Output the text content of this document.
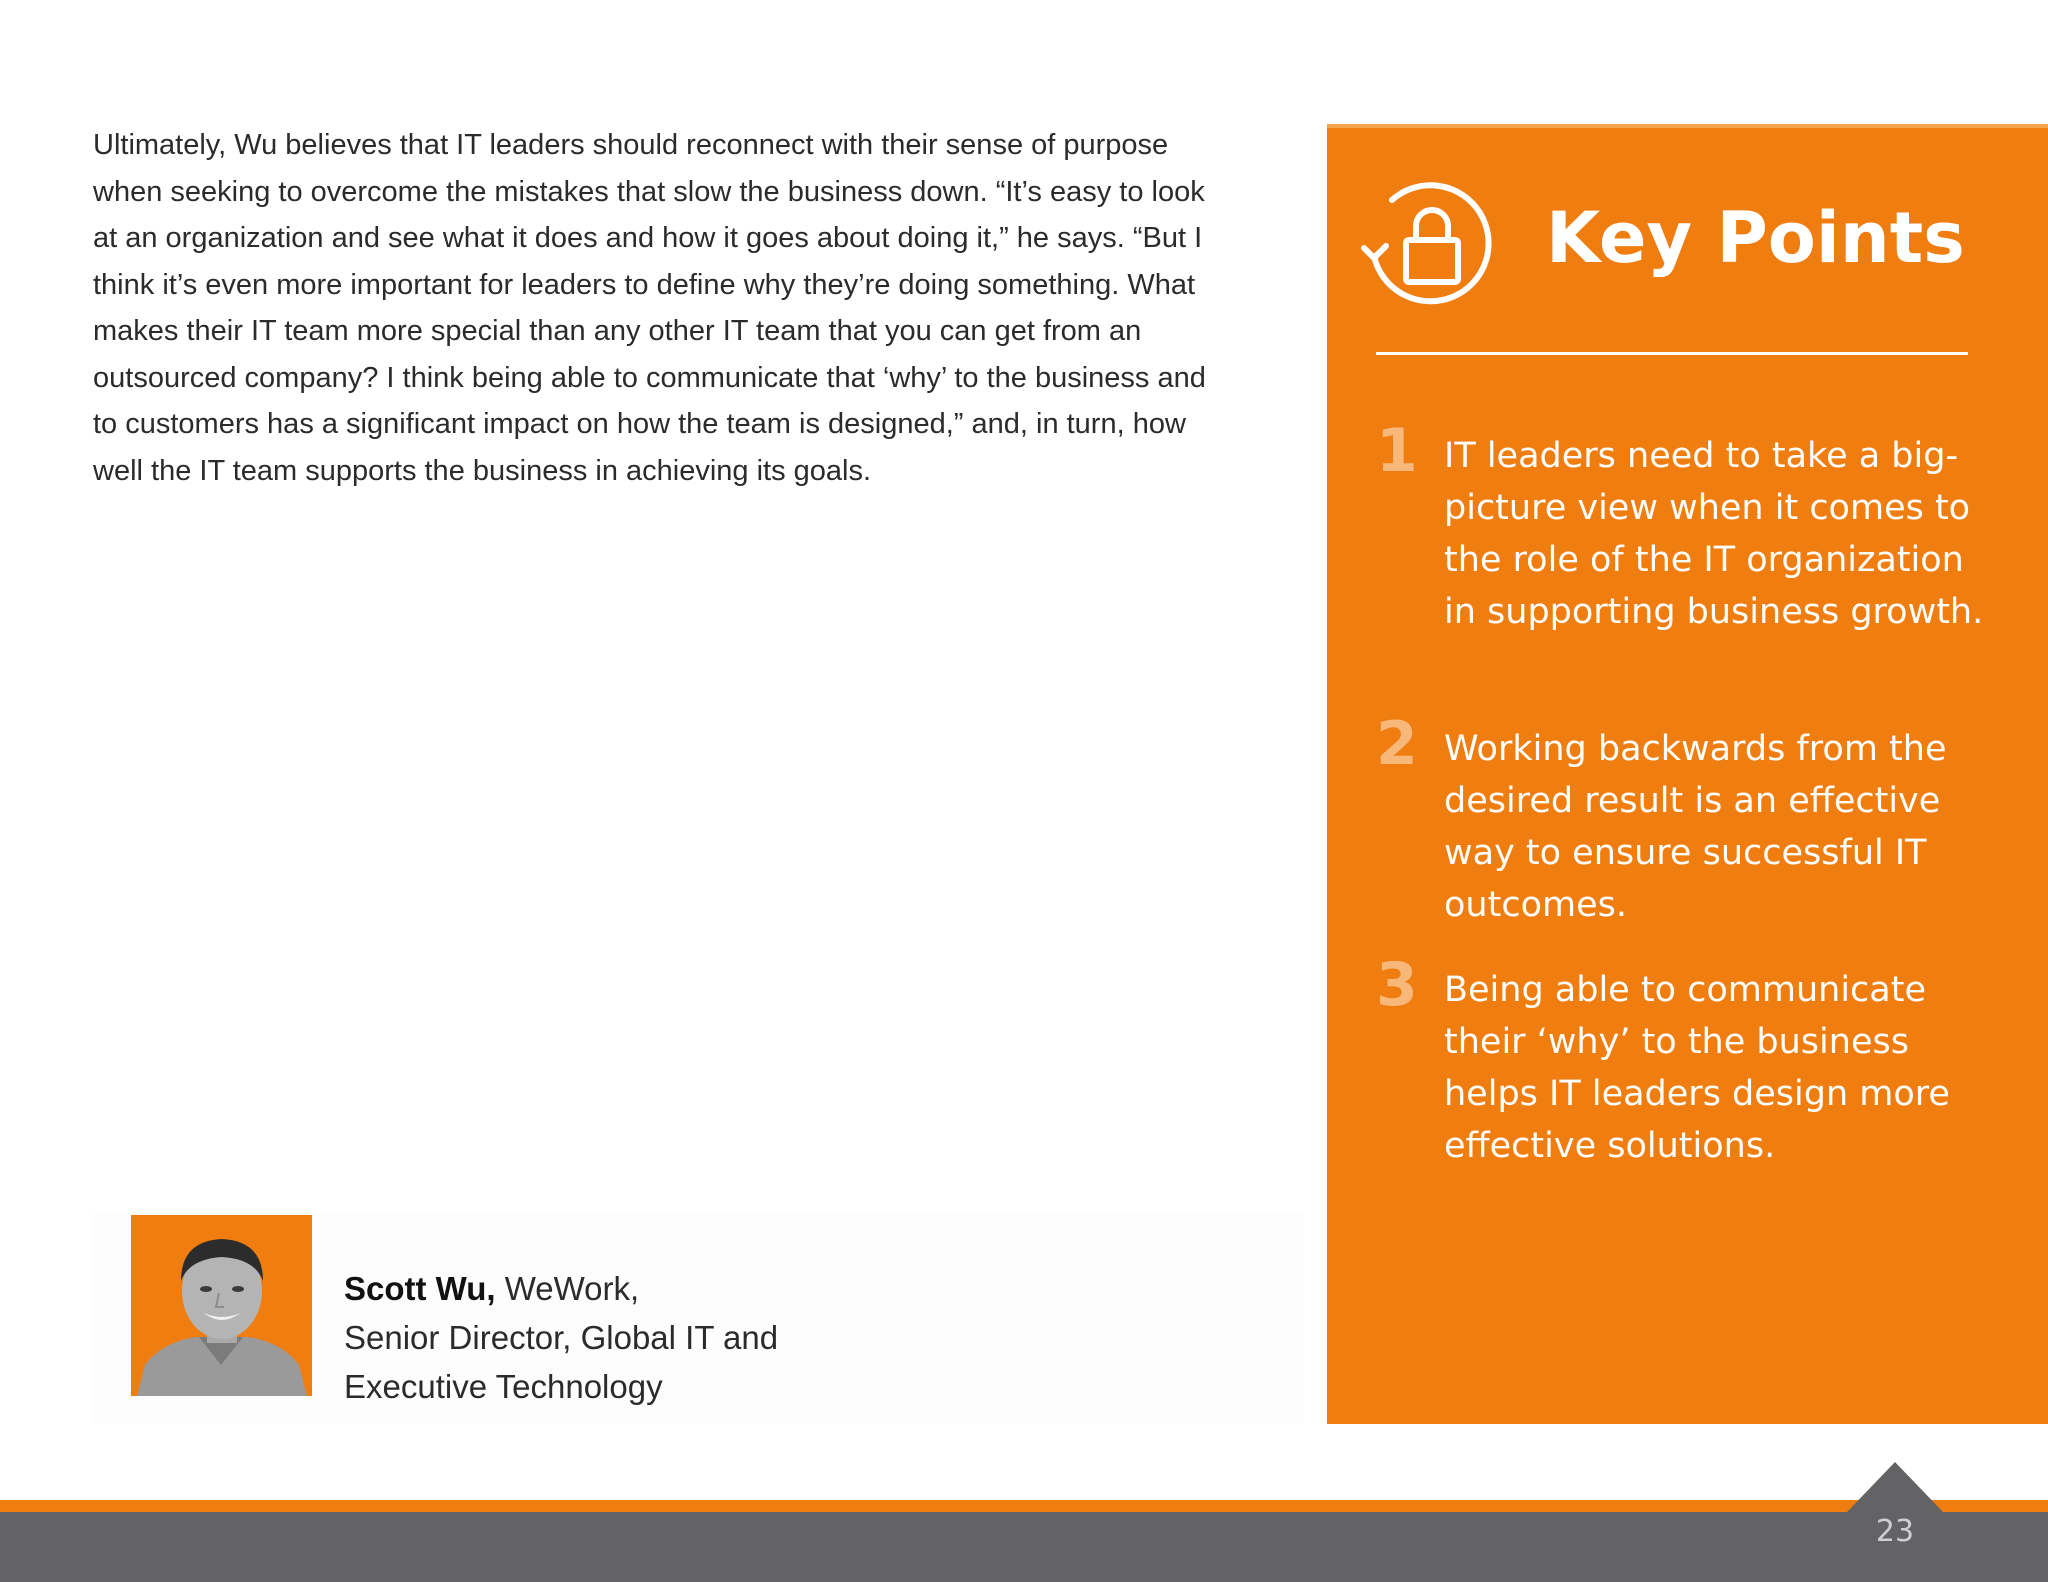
Ultimately, Wu believes that IT leaders should reconnect with their sense of purpose when seeking to overcome the mistakes that slow the business down. “It’s easy to look at an organization and see what it does and how it goes about doing it,” he says. “But I think it’s even more important for leaders to define why they’re doing something. What makes their IT team more special than any other IT team that you can get from an outsourced company? I think being able to communicate that ‘why’ to the business and to customers has a significant impact on how the team is designed,” and, in turn, how well the IT team supports the business in achieving its goals.

Key Points
1 IT leaders need to take a big-picture view when it comes to the role of the IT organization in supporting business growth.
2 Working backwards from the desired result is an effective way to ensure successful IT outcomes.
3 Being able to communicate their ‘why’ to the business helps IT leaders design more effective solutions.
Scott Wu, WeWork,
Senior Director, Global IT and
Executive Technology
23
